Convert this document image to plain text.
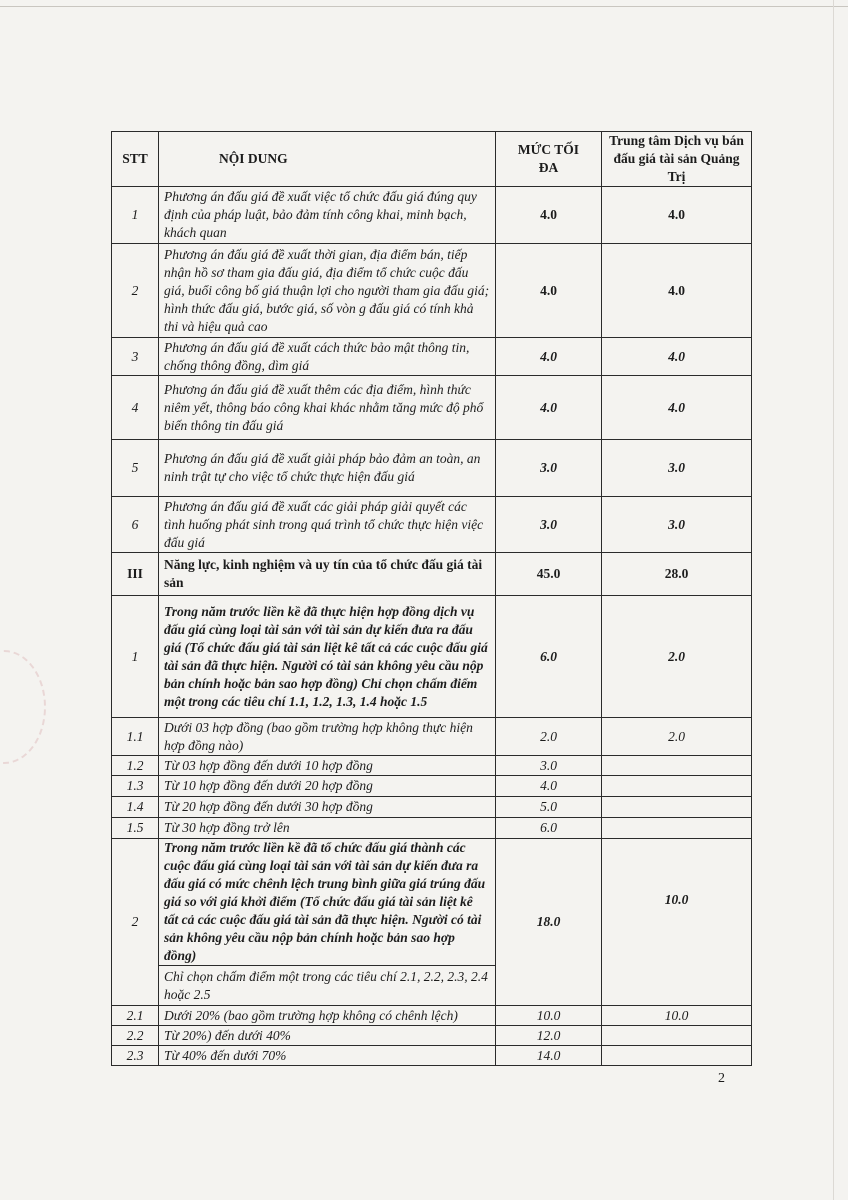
STT	NỘI DUNG	MỨC TỐI ĐA	Trung tâm Dịch vụ bán đấu giá tài sản Quảng Trị
1	Phương án đấu giá đề xuất việc tổ chức đấu giá đúng quy định của pháp luật, bảo đảm tính công khai, minh bạch, khách quan	4.0	4.0
2	Phương án đấu giá đề xuất thời gian, địa điểm bán, tiếp nhận hồ sơ tham gia đấu giá, địa điểm tổ chức cuộc đấu giá, buổi công bố giá thuận lợi cho người tham gia đấu giá; hình thức đấu giá, bước giá, số vòn g đấu giá có tính khả thi và hiệu quả cao	4.0	4.0
3	Phương án đấu giá đề xuất cách thức bảo mật thông tin, chống thông đồng, dìm giá	4.0	4.0
4	Phương án đấu giá đề xuất thêm các địa điểm, hình thức niêm yết, thông báo công khai khác nhằm tăng mức độ phổ biến thông tin đấu giá	4.0	4.0
5	Phương án đấu giá đề xuất giải pháp bảo đảm an toàn, an ninh trật tự cho việc tổ chức thực hiện đấu giá	3.0	3.0
6	Phương án đấu giá đề xuất các giải pháp giải quyết các tình huống phát sinh trong quá trình tổ chức thực hiện việc đấu giá	3.0	3.0
III	Năng lực, kinh nghiệm và uy tín của tổ chức đấu giá tài sản	45.0	28.0
1	Trong năm trước liền kề đã thực hiện hợp đồng dịch vụ đấu giá cùng loại tài sản với tài sản dự kiến đưa ra đấu giá (Tổ chức đấu giá tài sản liệt kê tất cả các cuộc đấu giá tài sản đã thực hiện. Người có tài sản không yêu cầu nộp bản chính hoặc bản sao hợp đồng) Chỉ chọn chấm điểm một trong các tiêu chí 1.1, 1.2, 1.3, 1.4 hoặc 1.5	6.0	2.0
1.1	Dưới 03 hợp đồng (bao gồm trường hợp không thực hiện hợp đồng nào)	2.0	2.0
1.2	Từ 03 hợp đồng đến dưới 10 hợp đồng	3.0	
1.3	Từ 10 hợp đồng đến dưới 20 hợp đồng	4.0	
1.4	Từ 20 hợp đồng đến dưới 30 hợp đồng	5.0	
1.5	Từ 30 hợp đồng trở lên	6.0	
2	Trong năm trước liền kề đã tổ chức đấu giá thành các cuộc đấu giá cùng loại tài sản với tài sản dự kiến đưa ra đấu giá có mức chênh lệch trung bình giữa giá trúng đấu giá so với giá khởi điểm (Tổ chức đấu giá tài sản liệt kê tất cả các cuộc đấu giá tài sản đã thực hiện. Người có tài sản không yêu cầu nộp bản chính hoặc bản sao hợp đồng)	18.0	10.0
	Chỉ chọn chấm điểm một trong các tiêu chí 2.1, 2.2, 2.3, 2.4 hoặc 2.5		
2.1	Dưới 20% (bao gồm trường hợp không có chênh lệch)	10.0	10.0
2.2	Từ 20%) đến dưới 40%	12.0	
2.3	Từ 40% đến dưới 70%	14.0	
2
